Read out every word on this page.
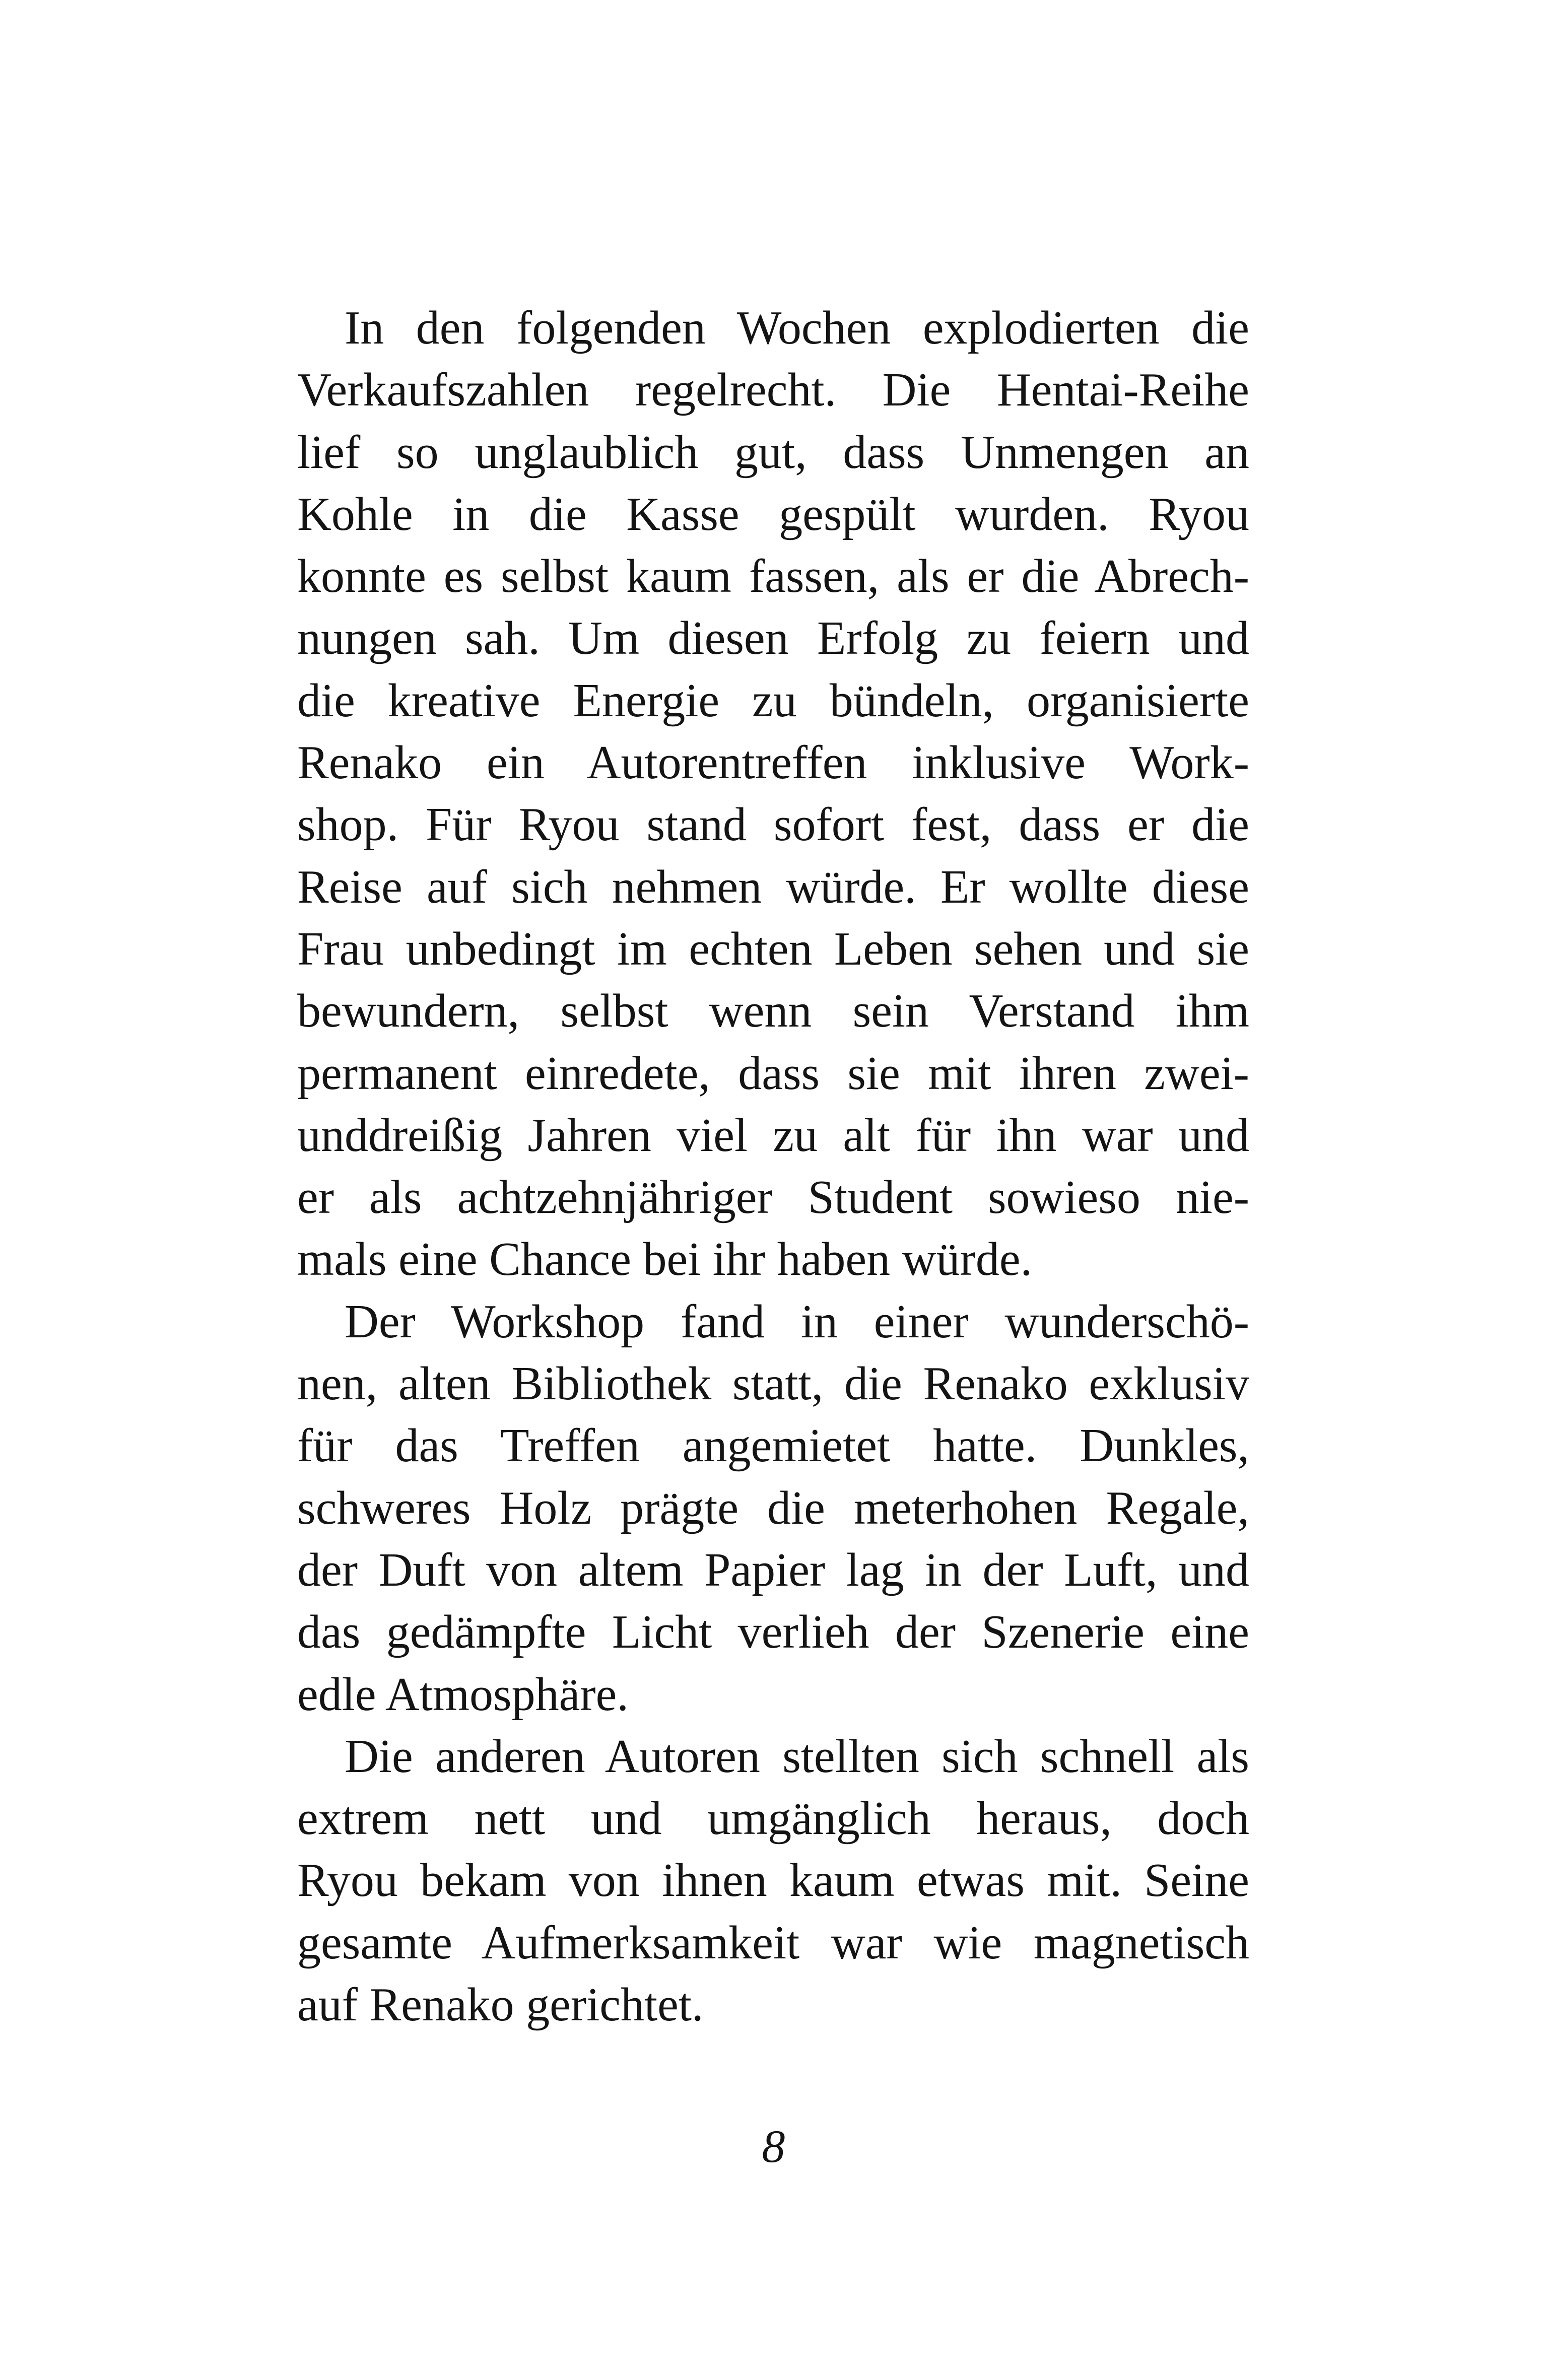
In den folgenden Wochen explodierten die
Verkaufszahlen regelrecht. Die Hentai-Reihe
lief so unglaublich gut, dass Unmengen an
Kohle in die Kasse gespült wurden. Ryou
konnte es selbst kaum fassen, als er die Abrech-
nungen sah. Um diesen Erfolg zu feiern und
die kreative Energie zu bündeln, organisierte
Renako ein Autorentreffen inklusive Work-
shop. Für Ryou stand sofort fest, dass er die
Reise auf sich nehmen würde. Er wollte diese
Frau unbedingt im echten Leben sehen und sie
bewundern, selbst wenn sein Verstand ihm
permanent einredete, dass sie mit ihren zwei-
unddreißig Jahren viel zu alt für ihn war und
er als achtzehnjähriger Student sowieso nie-
mals eine Chance bei ihr haben würde.
Der Workshop fand in einer wunderschö-
nen, alten Bibliothek statt, die Renako exklusiv
für das Treffen angemietet hatte. Dunkles,
schweres Holz prägte die meterhohen Regale,
der Duft von altem Papier lag in der Luft, und
das gedämpfte Licht verlieh der Szenerie eine
edle Atmosphäre.
Die anderen Autoren stellten sich schnell als
extrem nett und umgänglich heraus, doch
Ryou bekam von ihnen kaum etwas mit. Seine
gesamte Aufmerksamkeit war wie magnetisch
auf Renako gerichtet.
8
